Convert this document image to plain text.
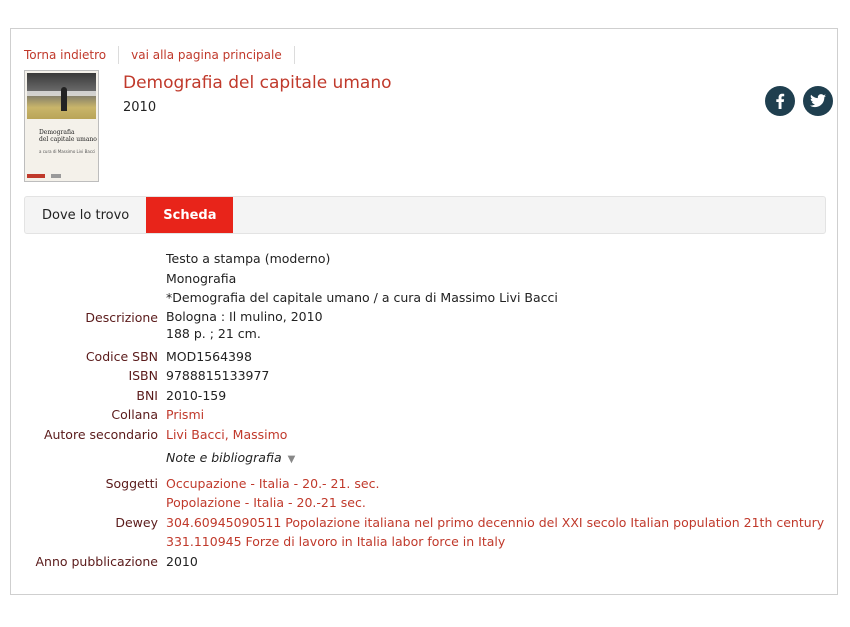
Torna indietro vai alla pagina principale
Demografia
del capitale umano
a cura di Massimo Livi Bacci
Demografia del capitale umano
2010
Dove lo trovo	Scheda
Testo a stampa (moderno)
Monografia

Descrizione
*Demografia del capitale umano / a cura di Massimo Livi Bacci
Bologna : Il mulino, 2010
188 p. ; 21 cm.
Codice SBN MOD1564398
ISBN 9788815133977
BNI 2010-159
Collana Prismi
Autore secondario Livi Bacci, Massimo
Note e bibliografia ▼
Soggetti Occupazione - Italia - 20.- 21. sec.
Popolazione - Italia - 20.-21 sec.
Dewey 304.60945090511 Popolazione italiana nel primo decennio del XXI secolo Italian population 21th century
331.110945 Forze di lavoro in Italia labor force in Italy
Anno pubblicazione 2010
